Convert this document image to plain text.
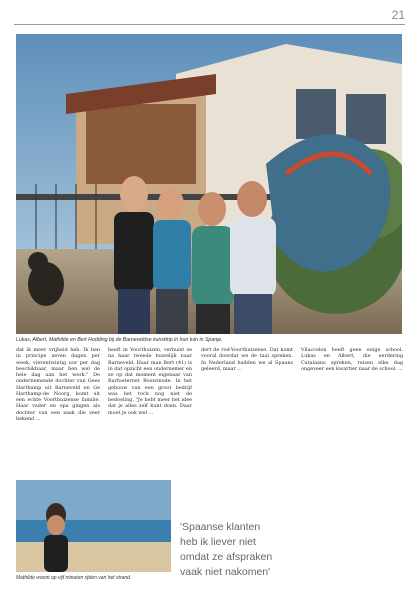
21
Lukas, Albert, Mathilde en Bert Hodding bij de Barneveldse kunsttrip in hun tuin in Spanje.

dat ik meer vrijheid heb. Ik ben in principe zeven dagen per week, vierentwintig uur per dag beschikbaar, maar ben wel de hele dag aan het werk." De ondernemende dochter van Gees Harthamp uit Barneveld en Ge Harthamp-de Noorg, komt uit een echte Voorthuizense familie. Haar vader en opa gingen als dochter van een zaak die zeer bekend ...

heeft in Voorthuizen, verhuist ze na haar tweede huwelijk naar Barneveld. Haar man Bert (41) is in dat opzicht een ondernemer en ze op dat moment eigenaar van Barfoeternet Bouwmode. In het gebouw van een groot bedrijf was het toch nog niet de bedoeling. "Je hebt meer het idee dat je alles zelf kunt doen. Daar moet je ook wel ...

dert de rod-Voorthuizense. Dat komt vooral doordat we de taal spreken. In Nederland hadden we al Spaans geleerd, maar ...

Vilaccelon heeft geen enige school. Lukas en Albert, die eerdering Catalaans spreken, reizen elke dag ongeveer een kwartier naar de school. ...

Mathilde woont op vijf minuten rijden van het strand.

'Spaanse klanten heb ik liever niet omdat ze afspraken vaak niet nakomen'
